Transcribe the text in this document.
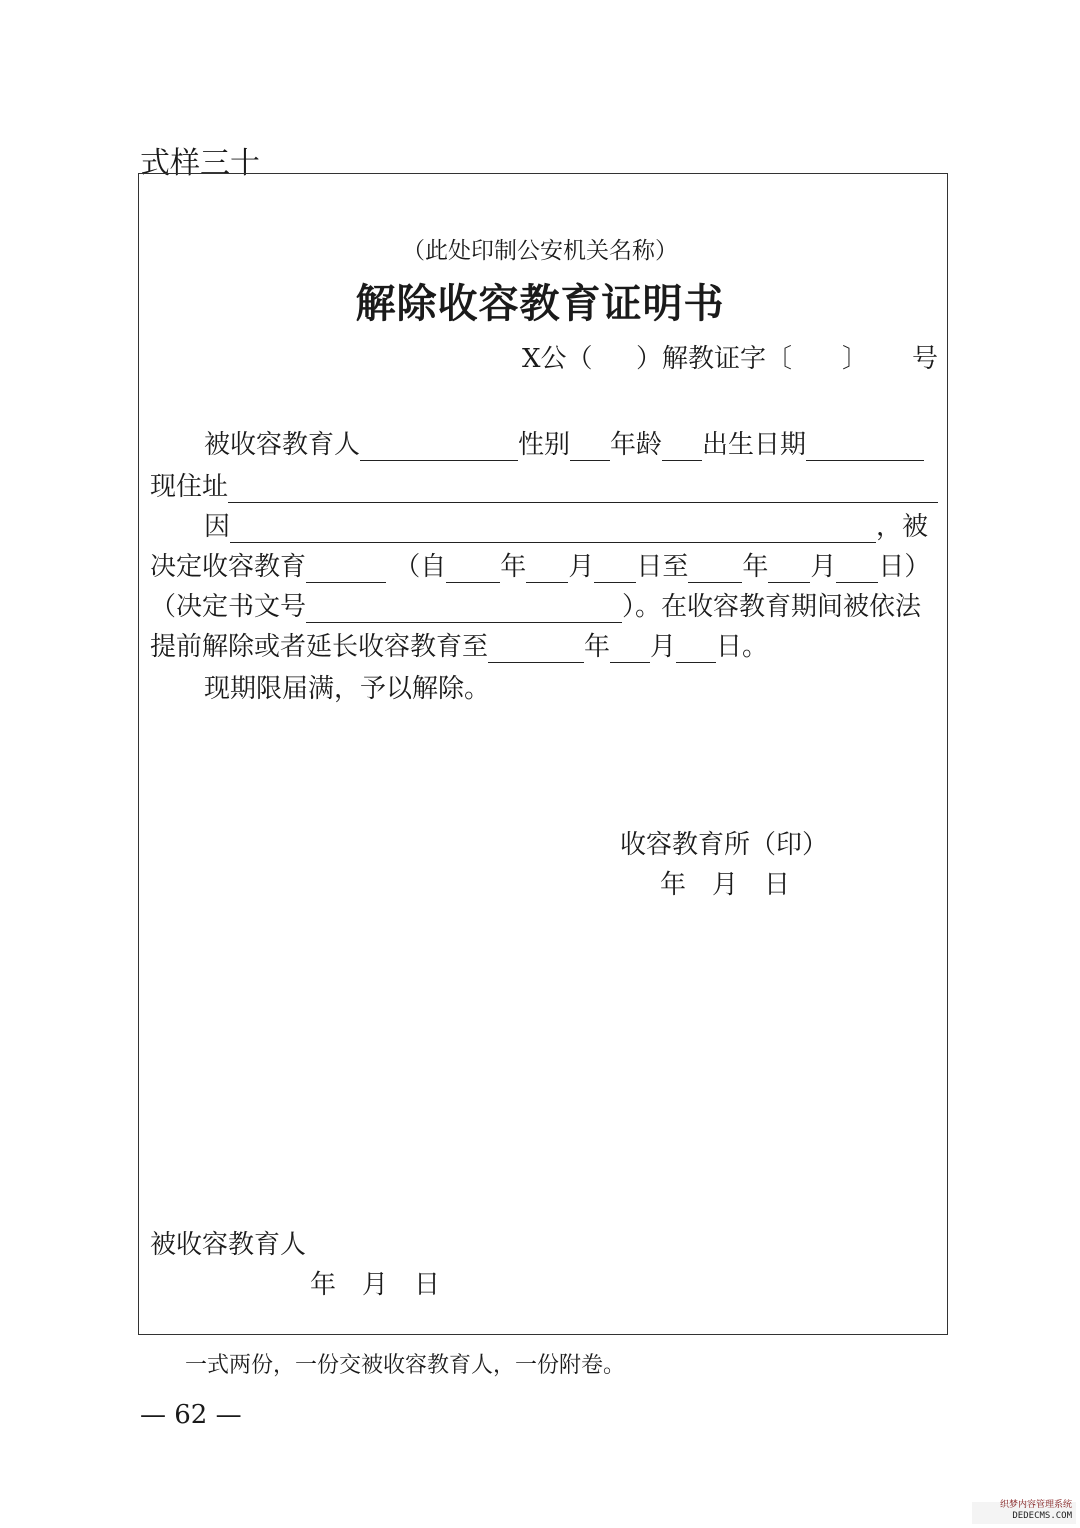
式样三十
（此处印制公安机关名称）
解除收容教育证明书
X公（ ）解教证字〔 〕 号
被收容教育人	性别 年龄 出生日期
现住址
因	，被
决定收容教育	（自 年 月 日至 年 月 日）
（决定书文号	）。在收容教育期间被依法
提前解除或者延长收容教育至	年 月 日。
现期限届满，予以解除。
收容教育所（印）
年　月　日
被收容教育人
年　月　日
一式两份，一份交被收容教育人，一份附卷。
— 62 —
织梦内容管理系统
DEDECMS.COM
